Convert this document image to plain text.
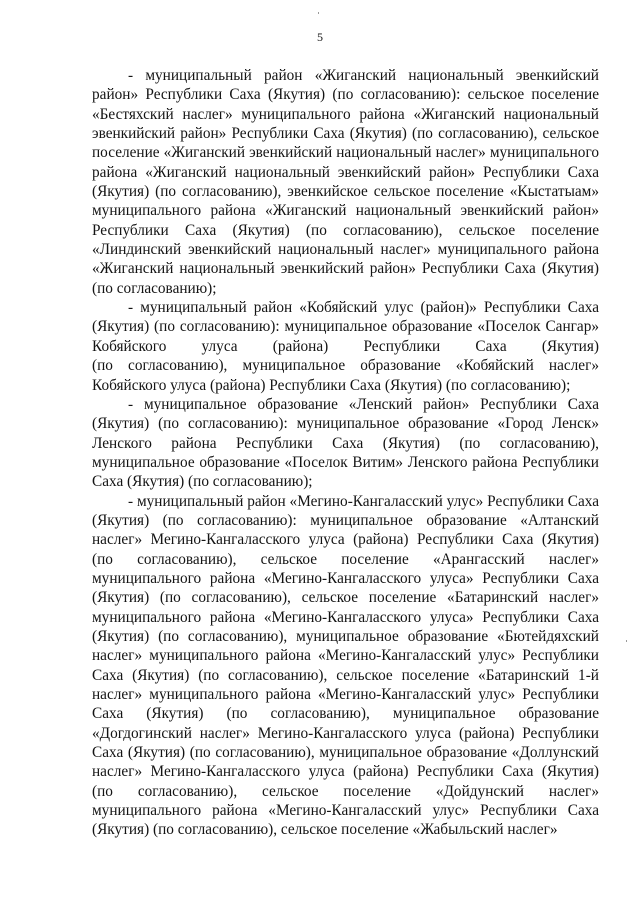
5
- муниципальный район «Жиганский национальный эвенкийский
район» Республики Саха (Якутия) (по согласованию): сельское поселение
«Бестяхский наслег» муниципального района «Жиганский национальный
эвенкийский район» Республики Саха (Якутия) (по согласованию), сельское
поселение «Жиганский эвенкийский национальный наслег» муниципального
района «Жиганский национальный эвенкийский район» Республики Саха
(Якутия) (по согласованию), эвенкийское сельское поселение «Кыстатыам»
муниципального района «Жиганский национальный эвенкийский район»
Республики Саха (Якутия) (по согласованию), сельское поселение
«Линдинский эвенкийский национальный наслег» муниципального района
«Жиганский национальный эвенкийский район» Республики Саха (Якутия)
(по согласованию);
- муниципальный район «Кобяйский улус (район)» Республики Саха
(Якутия) (по согласованию): муниципальное образование «Поселок Сангар»
Кобяйского улуса (района) Республики Саха (Якутия)
(по согласованию), муниципальное образование «Кобяйский наслег»
Кобяйского улуса (района) Республики Саха (Якутия) (по согласованию);
- муниципальное образование «Ленский район» Республики Саха
(Якутия) (по согласованию): муниципальное образование «Город Ленск»
Ленского района Республики Саха (Якутия) (по согласованию),
муниципальное образование «Поселок Витим» Ленского района Республики
Саха (Якутия) (по согласованию);
- муниципальный район «Мегино-Кангаласский улус» Республики Саха
(Якутия) (по согласованию): муниципальное образование «Алтанский
наслег» Мегино-Кангаласского улуса (района) Республики Саха (Якутия)
(по согласованию), сельское поселение «Арангасский наслег»
муниципального района «Мегино-Кангаласского улуса» Республики Саха
(Якутия) (по согласованию), сельское поселение «Батаринский наслег»
муниципального района «Мегино-Кангаласского улуса» Республики Саха
(Якутия) (по согласованию), муниципальное образование «Бютейдяхский
наслег» муниципального района «Мегино-Кангаласский улус» Республики
Саха (Якутия) (по согласованию), сельское поселение «Батаринский 1-й
наслег» муниципального района «Мегино-Кангаласский улус» Республики
Саха (Якутия) (по согласованию), муниципальное образование
«Догдогинский наслег» Мегино-Кангаласского улуса (района) Республики
Саха (Якутия) (по согласованию), муниципальное образование «Доллунский
наслег» Мегино-Кангаласского улуса (района) Республики Саха (Якутия)
(по согласованию), сельское поселение «Дойдунский наслег»
муниципального района «Мегино-Кангаласский улус» Республики Саха
(Якутия) (по согласованию), сельское поселение «Жабыльский наслег»
